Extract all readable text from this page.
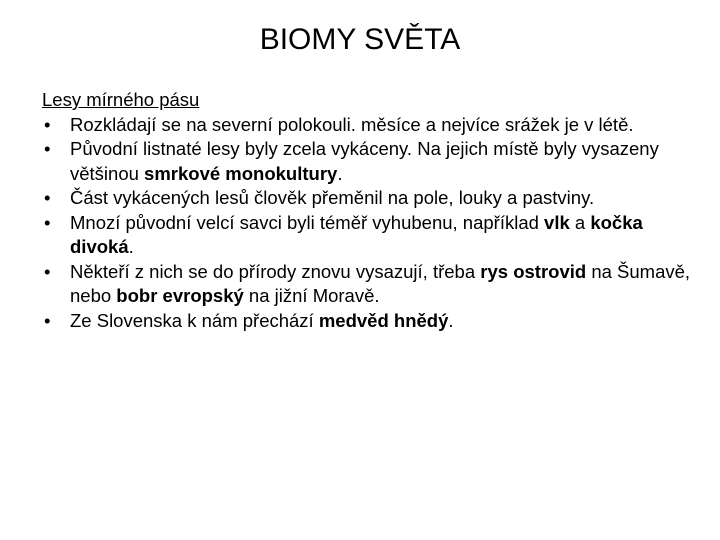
BIOMY SVĚTA
Lesy mírného pásu
• Rozkládají se na severní polokouli. měsíce a nejvíce srážek je v létě.
• Původní listnaté lesy byly zcela vykáceny. Na jejich místě byly vysazeny většinou smrkové monokultury.
• Část vykácených lesů člověk přeměnil na pole, louky a pastviny.
• Mnozí původní velcí savci byli téměř vyhubenu, například vlk a kočka divoká.
• Někteří z nich se do přírody znovu vysazují, třeba rys ostrovid na Šumavě, nebo bobr evropský na jižní Moravě.
• Ze Slovenska k nám přechází medvěd hnědý.
